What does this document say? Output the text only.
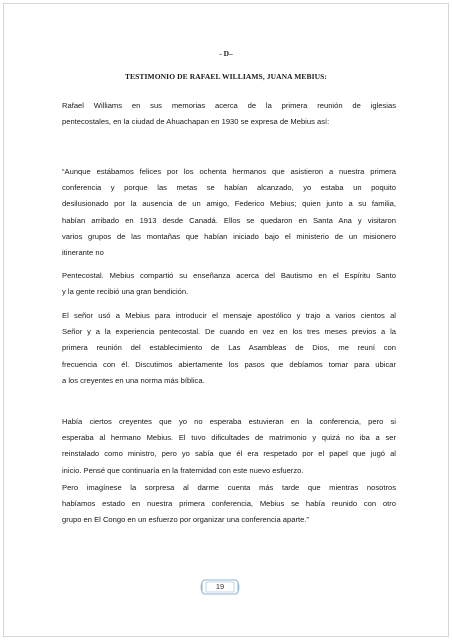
- D–
TESTIMONIO DE RAFAEL WILLIAMS, JUANA MEBIUS:
Rafael Williams en sus memorias acerca de la primera reunión de iglesias
pentecostales, en la ciudad de Ahuachapan en 1930 se expresa de Mebius así:
“Aunque estábamos felices por los ochenta hermanos que asistieron a nuestra primera
conferencia y porque las metas se habían alcanzado, yo estaba un poquito
desilusionado por la ausencia de un amigo, Federico Mebius; quien junto a su familia,
habían arribado en 1913 desde Canadá. Ellos se quedaron en Santa Ana y visitaron
varios grupos de las montañas que habían iniciado bajo el ministerio de un misionero
itinerante no
Pentecostal. Mebius compartió su enseñanza acerca del Bautismo en el Espíritu Santo
y la gente recibió una gran bendición.
El señor usó a Mebius para introducir el mensaje apostólico y trajo a varios cientos al
Señor y a la experiencia pentecostal. De cuando en vez en los tres meses previos a la
primera reunión del establecimiento de Las Asambleas de Dios, me reuní con
frecuencia con él. Discutimos abiertamente los pasos que debíamos tomar para ubicar
a los creyentes en una norma más bíblica.
Había ciertos creyentes que yo no esperaba estuvieran en la conferencia, pero si
esperaba al hermano Mebius. El tuvo dificultades de matrimonio y quizá no iba a ser
reinstalado como ministro, pero yo sabía que él era respetado por el papel que jugó al
inicio. Pensé que continuaría en la fraternidad con este nuevo esfuerzo.
Pero imagínese la sorpresa al darme cuenta más tarde que mientras nosotros
habíamos estado en nuestra primera conferencia, Mebius se había reunido con otro
grupo en El Congo en un esfuerzo por organizar una conferencia aparte.”
19
